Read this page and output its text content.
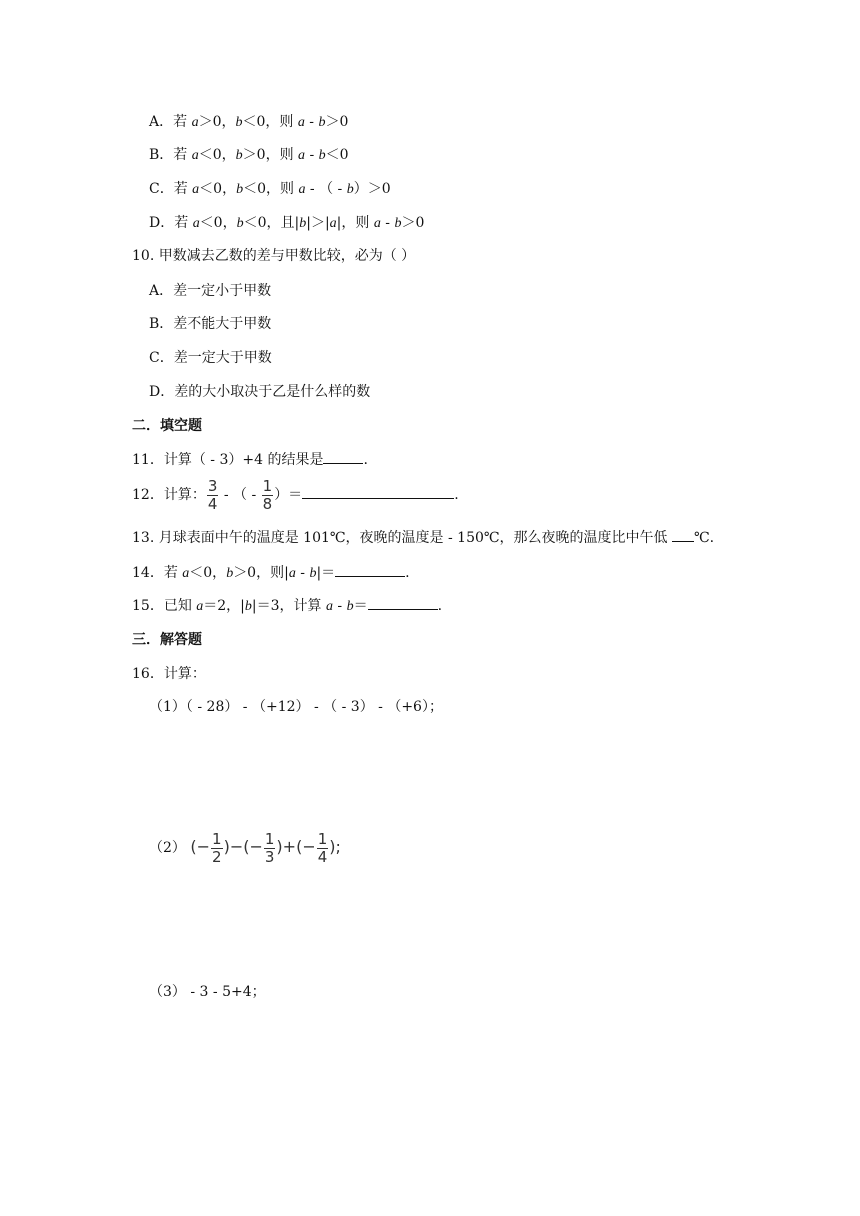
A．若 a＞0，b＜0，则 a - b＞0
B．若 a＜0，b＞0，则 a - b＜0
C．若 a＜0，b＜0，则 a - （ - b）＞0
D．若 a＜0，b＜0，且|b|＞|a|，则 a - b＞0
10. 甲数减去乙数的差与甲数比较，必为（ ）
A．差一定小于甲数
B．差不能大于甲数
C．差一定大于甲数
D．差的大小取决于乙是什么样的数
二．填空题
11．计算（ - 3）+4 的结果是	.
12．计算： $\frac{3}{4}$ - （ - $\frac{1}{8}$ ）＝	.
13. 月球表面中午的温度是 101℃，夜晚的温度是 - 150℃，那么夜晚的温度比中午低 ℃.
14．若 a＜0，b＞0，则|a - b|＝	.
15．已知 a＝2，|b|＝3，计算 a - b＝	.
三．解答题
16．计算：
（1）（ - 28） - （+12） - （ - 3） - （+6）；
（2） (− $\frac{1}{2}$ )−(− $\frac{1}{3}$ )+(− $\frac{1}{4}$ );
（3） - 3 - 5+4；
